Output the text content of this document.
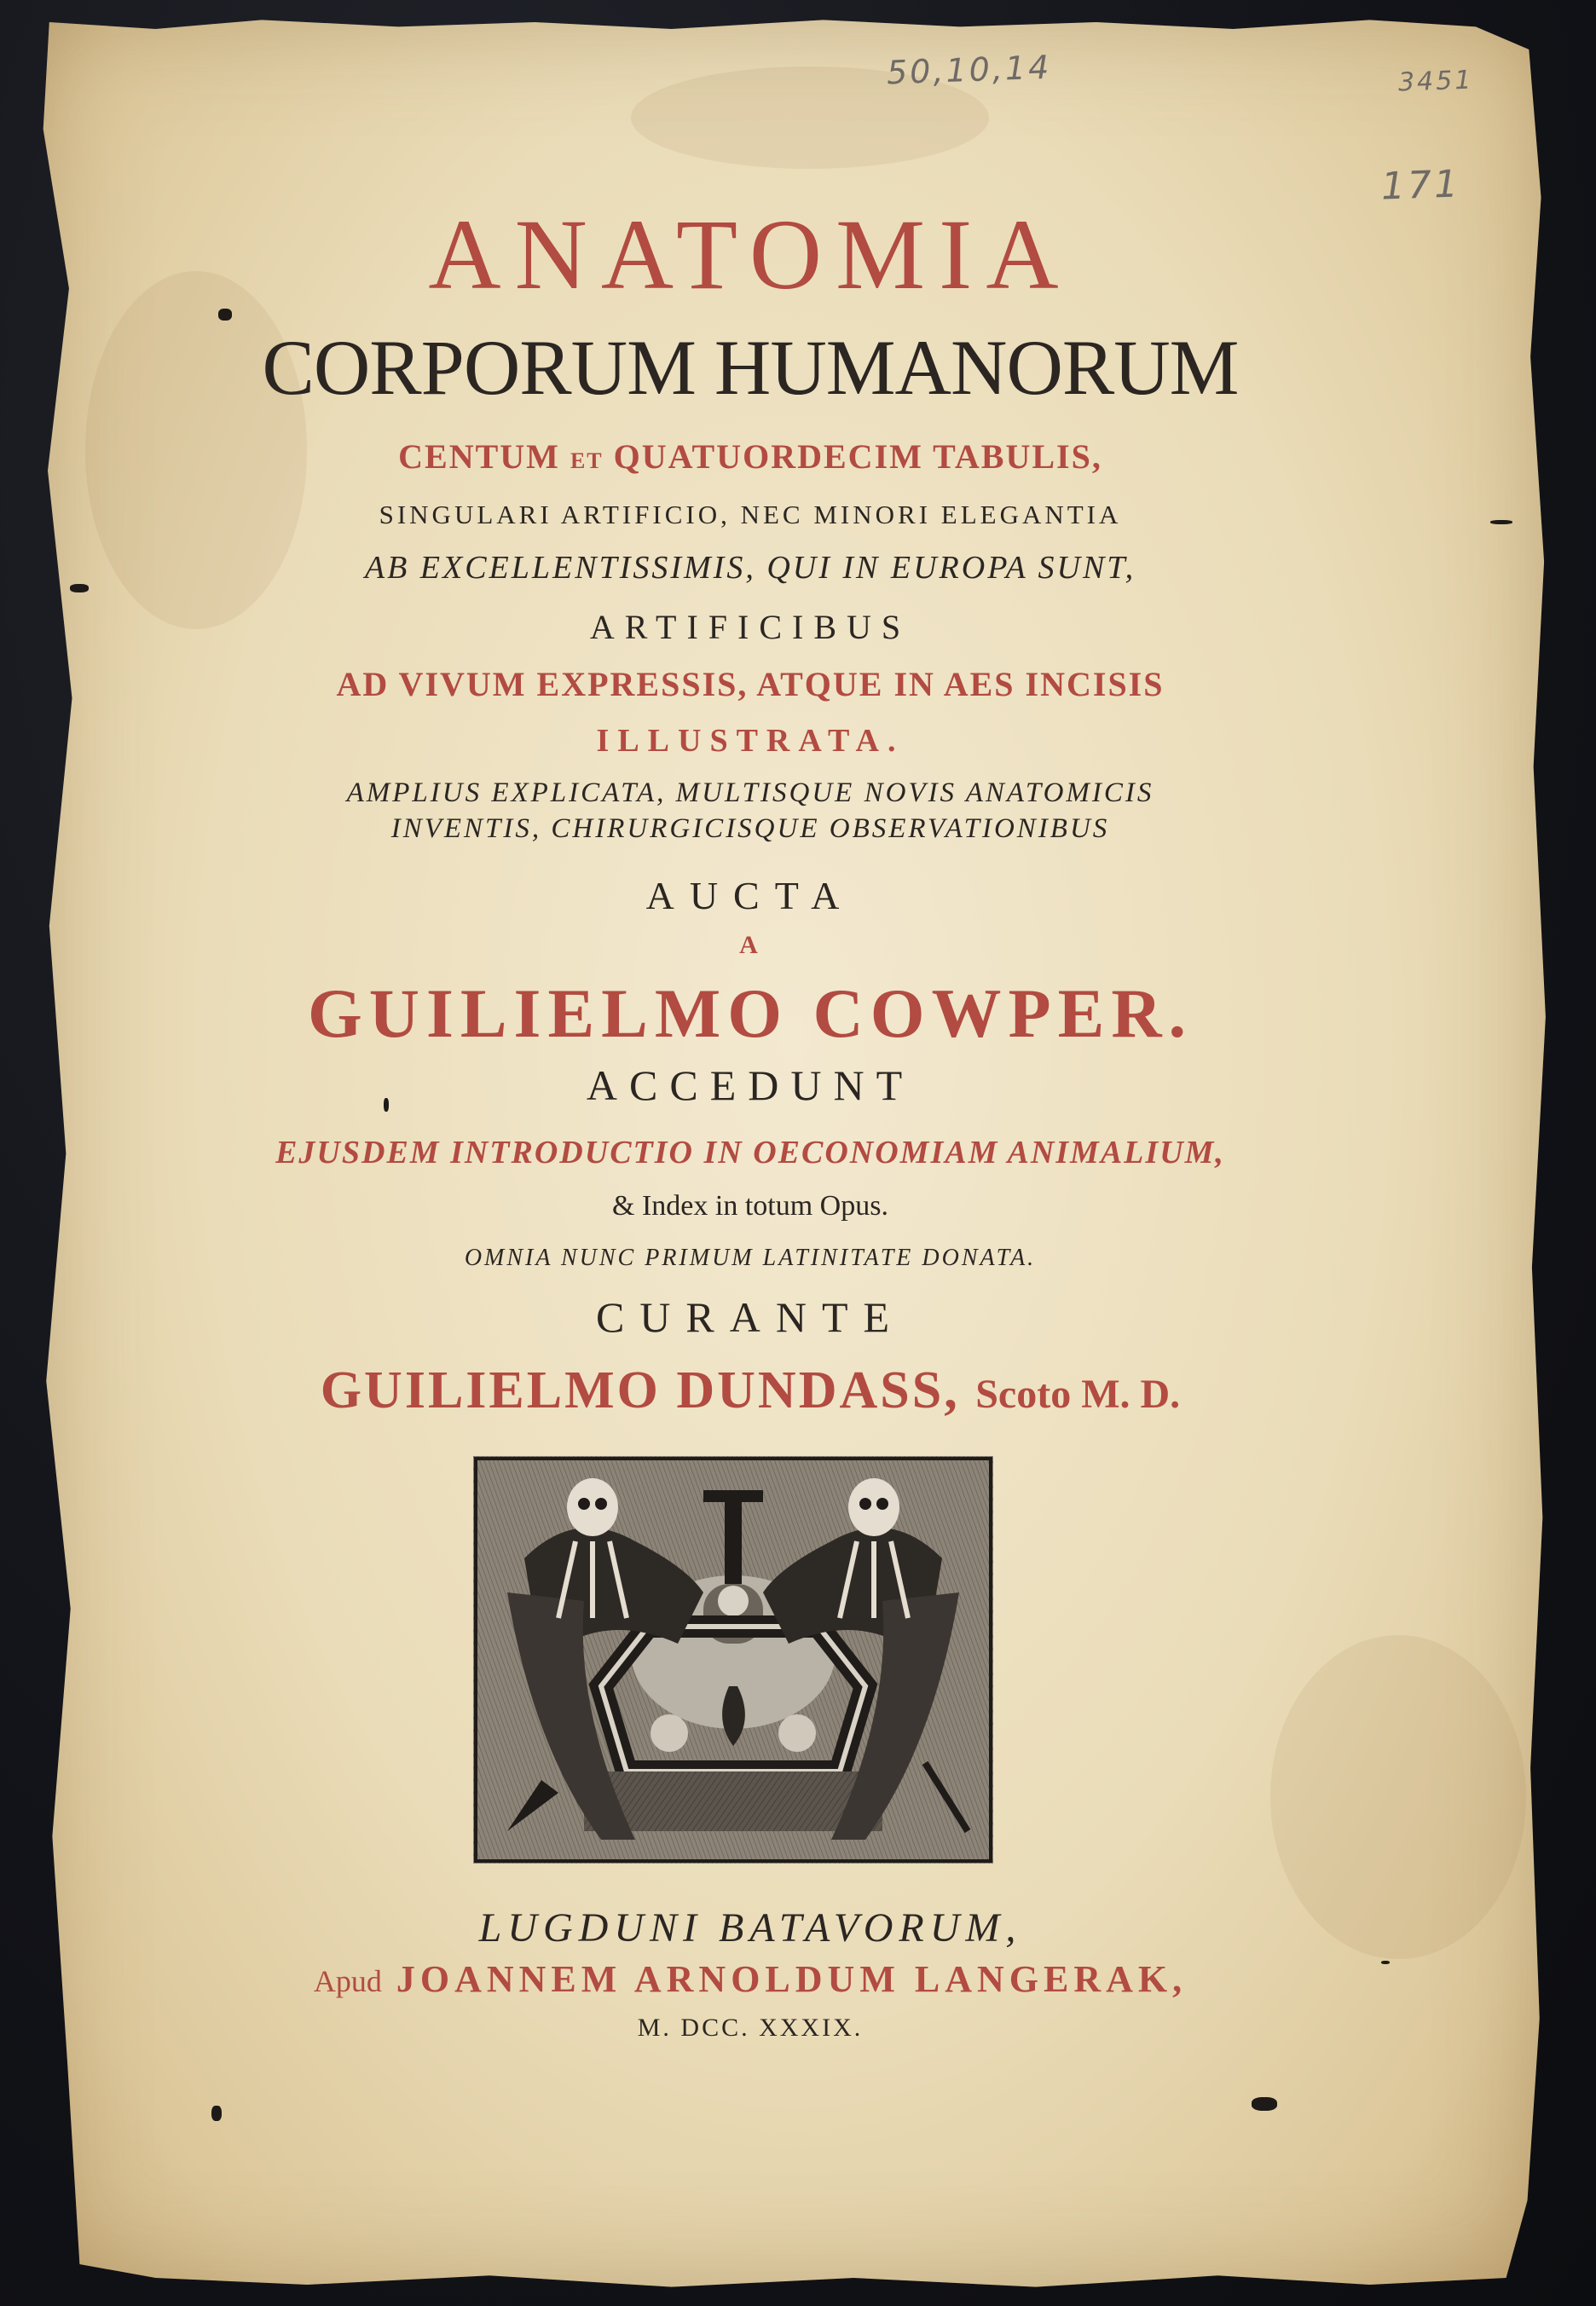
50,10,14	3451
171
ANATOMIA
CORPORUM HUMANORUM
CENTUM ET QUATUORDECIM TABULIS,
SINGULARI ARTIFICIO, NEC MINORI ELEGANTIA
AB EXCELLENTISSIMIS, QUI IN EUROPA SUNT,
ARTIFICIBUS
AD VIVUM EXPRESSIS, ATQUE IN AES INCISIS
ILLUSTRATA.
AMPLIUS EXPLICATA, MULTISQUE NOVIS ANATOMICIS
INVENTIS, CHIRURGICISQUE OBSERVATIONIBUS
AUCTA
A
GUILIELMO COWPER.
ACCEDUNT
EJUSDEM INTRODUCTIO IN OECONOMIAM ANIMALIUM,
& Index in totum Opus.
OMNIA NUNC PRIMUM LATINITATE DONATA.
CURANTE
GUILIELMO DUNDASS, Scoto M. D.
LUGDUNI BATAVORUM,
Apud JOANNEM ARNOLDUM LANGERAK,
M. DCC. XXXIX.
